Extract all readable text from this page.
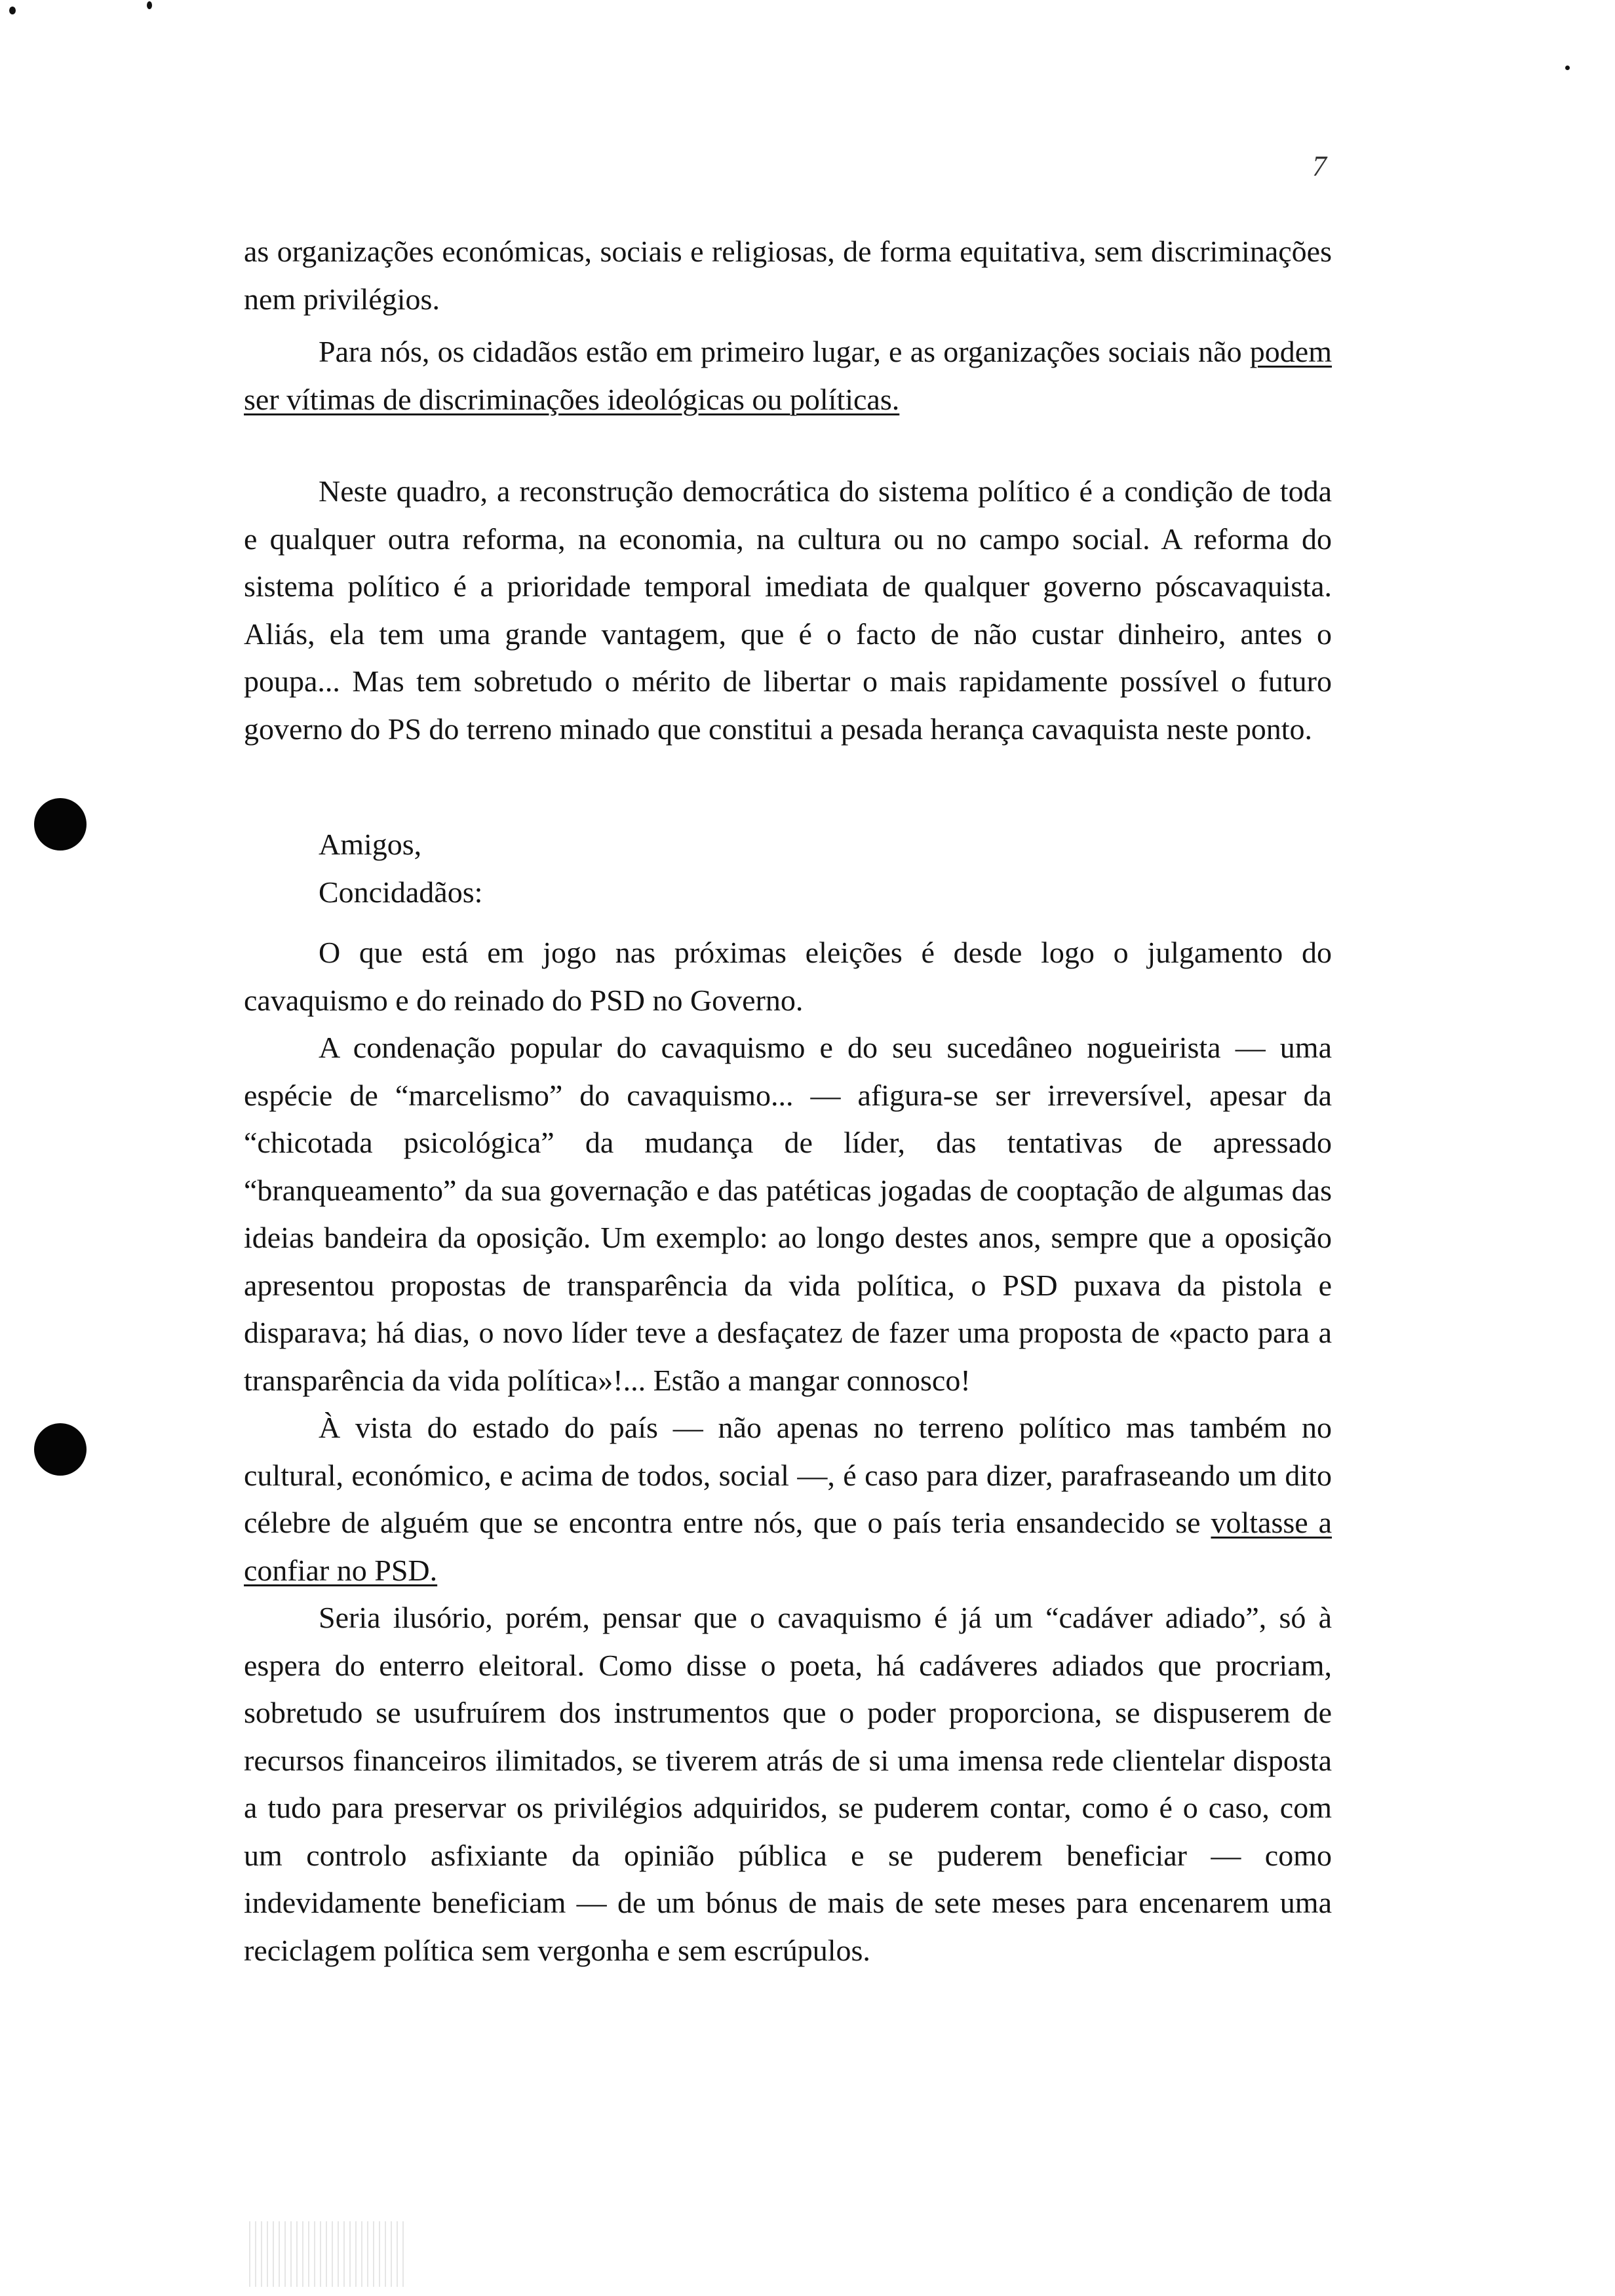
7

as organizações económicas, sociais e religiosas, de forma equitativa, sem discriminações nem privilégios.

Para nós, os cidadãos estão em primeiro lugar, e as organizações sociais não podem ser vítimas de discriminações ideológicas ou políticas.

Neste quadro, a reconstrução democrática do sistema político é a condição de toda e qualquer outra reforma, na economia, na cultura ou no campo social. A reforma do sistema político é a prioridade temporal imediata de qualquer governo póscavaquista. Aliás, ela tem uma grande vantagem, que é o facto de não custar dinheiro, antes o poupa... Mas tem sobretudo o mérito de libertar o mais rapidamente possível o futuro governo do PS do terreno minado que constitui a pesada herança cavaquista neste ponto.

Amigos,

Concidadãos:

O que está em jogo nas próximas eleições é desde logo o julgamento do cavaquismo e do reinado do PSD no Governo.

A condenação popular do cavaquismo e do seu sucedâneo nogueirista — uma espécie de “marcelismo” do cavaquismo... — afigura-se ser irreversível, apesar da “chicotada psicológica” da mudança de líder, das tentativas de apressado “branqueamento” da sua governação e das patéticas jogadas de cooptação de algumas das ideias bandeira da oposição. Um exemplo: ao longo destes anos, sempre que a oposição apresentou propostas de transparência da vida política, o PSD puxava da pistola e disparava; há dias, o novo líder teve a desfaçatez de fazer uma proposta de «pacto para a transparência da vida política»!... Estão a mangar connosco!

À vista do estado do país — não apenas no terreno político mas também no cultural, económico, e acima de todos, social —, é caso para dizer, parafraseando um dito célebre de alguém que se encontra entre nós, que o país teria ensandecido se voltasse a confiar no PSD.

Seria ilusório, porém, pensar que o cavaquismo é já um “cadáver adiado”, só à espera do enterro eleitoral. Como disse o poeta, há cadáveres adiados que procriam, sobretudo se usufruírem dos instrumentos que o poder proporciona, se dispuserem de recursos financeiros ilimitados, se tiverem atrás de si uma imensa rede clientelar disposta a tudo para preservar os privilégios adquiridos, se puderem contar, como é o caso, com um controlo asfixiante da opinião pública e se puderem beneficiar — como indevidamente beneficiam — de um bónus de mais de sete meses para encenarem uma reciclagem política sem vergonha e sem escrúpulos.
